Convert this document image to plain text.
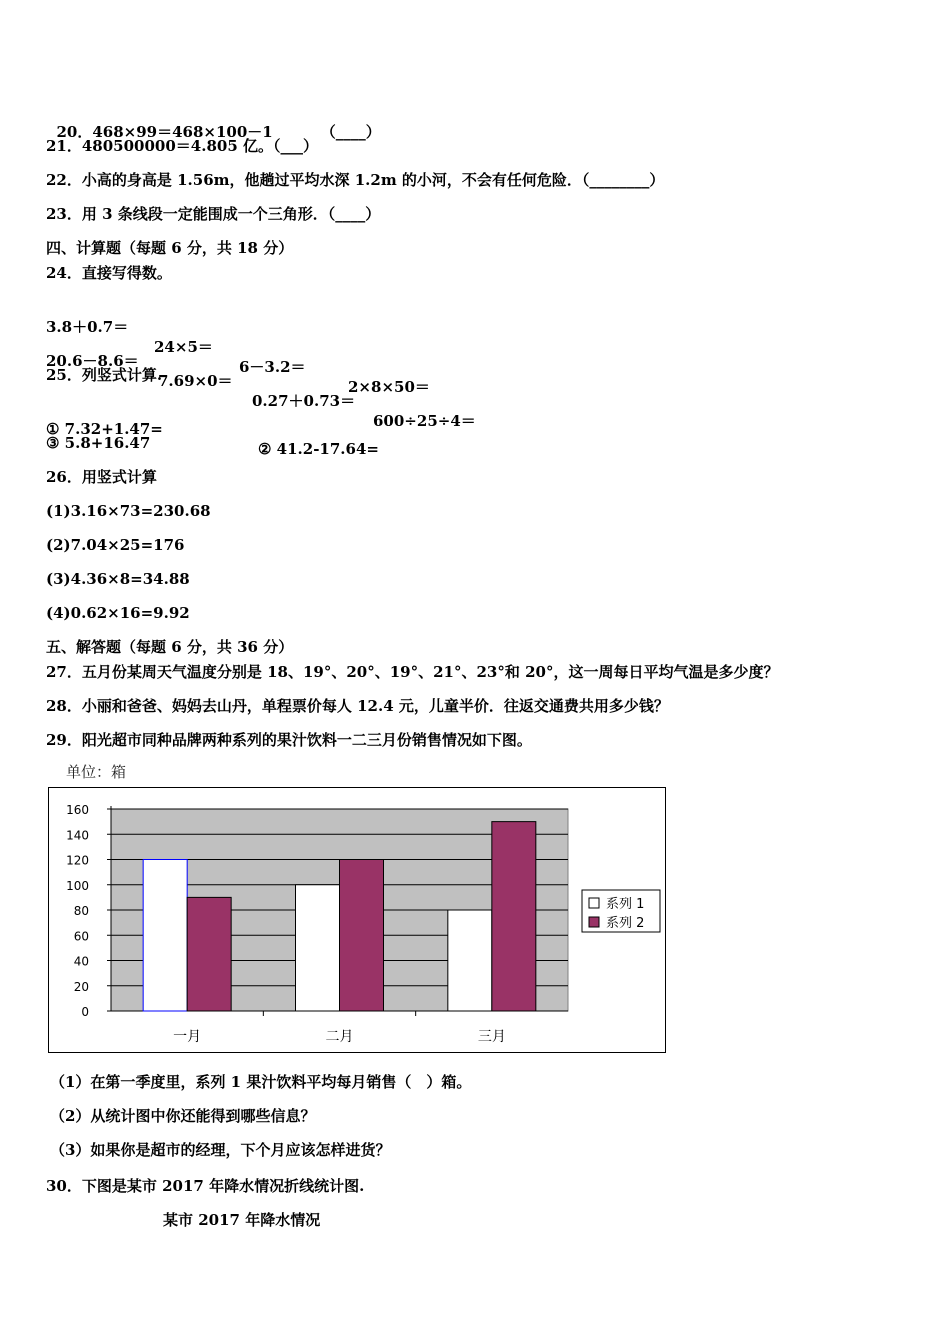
20．468×99＝468×100－1	（____）

21．480500000＝4.805 亿。（___）
22．小高的身高是 1.56m，他趟过平均水深 1.2m 的小河，不会有任何危险．（________）
23．用 3 条线段一定能围成一个三角形．（____）
四、计算题（每题 6 分，共 18 分）
24．直接写得数。

3.8＋0.7＝

24×5＝

6－3.2＝

2×8×50＝

20.6－8.6＝

7.69×0＝

0.27＋0.73＝

600÷25÷4＝

25．列竖式计算.

① 7.32+1.47=

② 41.2-17.64=

③ 5.8+16.47
26．用竖式计算
(1)3.16×73=230.68
(2)7.04×25=176
(3)4.36×8=34.88
(4)0.62×16=9.92
五、解答题（每题 6 分，共 36 分）
27．五月份某周天气温度分别是 18、19°、20°、19°、21°、23°和 20°，这一周每日平均气温是多少度？
28．小丽和爸爸、妈妈去山丹，单程票价每人 12.4 元，儿童半价．往返交通费共用多少钱？
29．阳光超市同种品牌两种系列的果汁饮料一二三月份销售情况如下图。
单位：箱
0
20
40
60
80
100
120
140
160
一月	二月	三月
系列 1
系列 2
（1）在第一季度里，系列 1 果汁饮料平均每月销售（　）箱。
（2）从统计图中你还能得到哪些信息？
（3）如果你是超市的经理，下个月应该怎样进货？
30．下图是某市 2017 年降水情况折线统计图.
某市 2017 年降水情况
